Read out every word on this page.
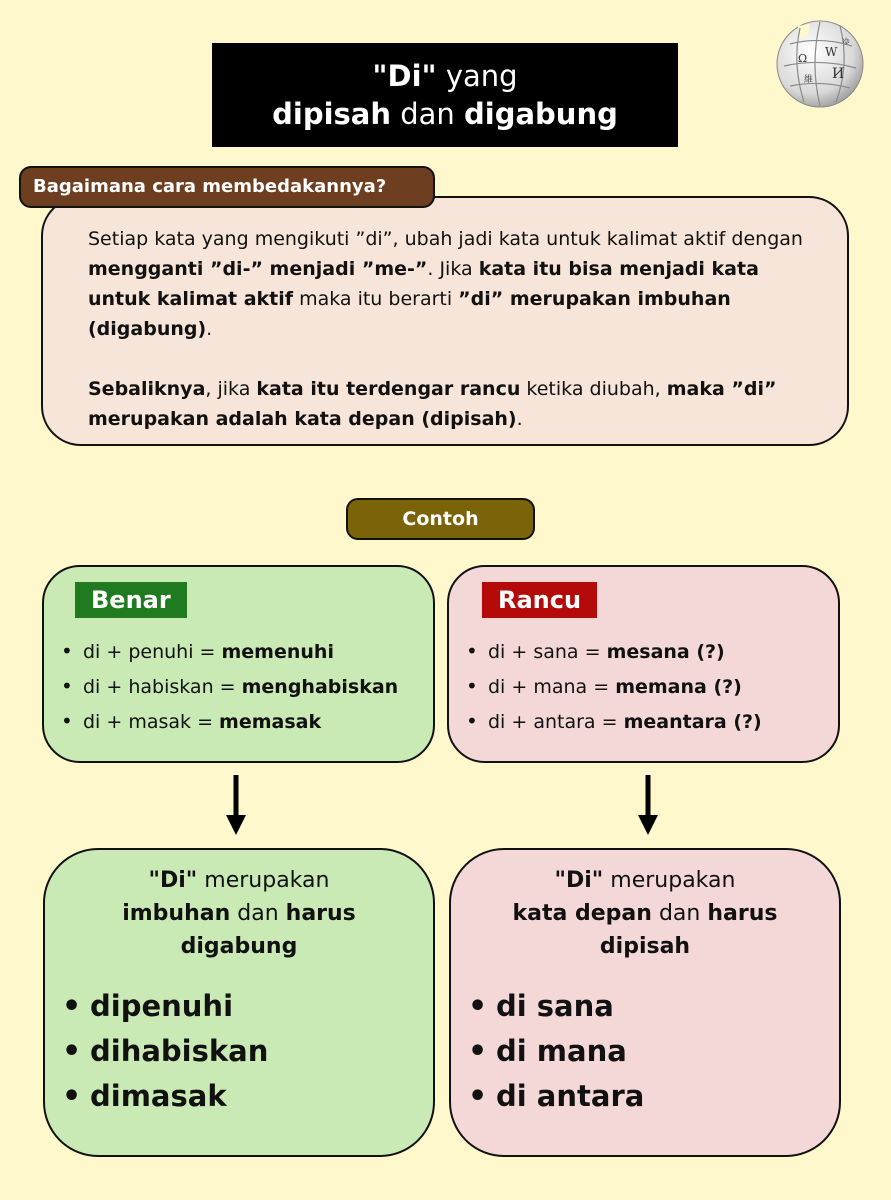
"Di" yang
dipisah dan digabung
Ω W
И
維
ゆ
Bagaimana cara membedakannya?

Setiap kata yang mengikuti ”di”, ubah jadi kata untuk kalimat aktif dengan mengganti ”di-” menjadi ”me-”. Jika kata itu bisa menjadi kata untuk kalimat aktif maka itu berarti ”di” merupakan imbuhan (digabung).

Sebaliknya, jika kata itu terdengar rancu ketika diubah, maka ”di” merupakan adalah kata depan (dipisah).

Contoh
Benar
• di + penuhi = memenuhi
• di + habiskan = menghabiskan
• di + masak = memasak
Rancu
• di + sana = mesana (?)
• di + mana = memana (?)
• di + antara = meantara (?)
"Di" merupakan
imbuhan dan harus
digabung
• dipenuhi
• dihabiskan
• dimasak
"Di" merupakan
kata depan dan harus
dipisah
• di sana
• di mana
• di antara
